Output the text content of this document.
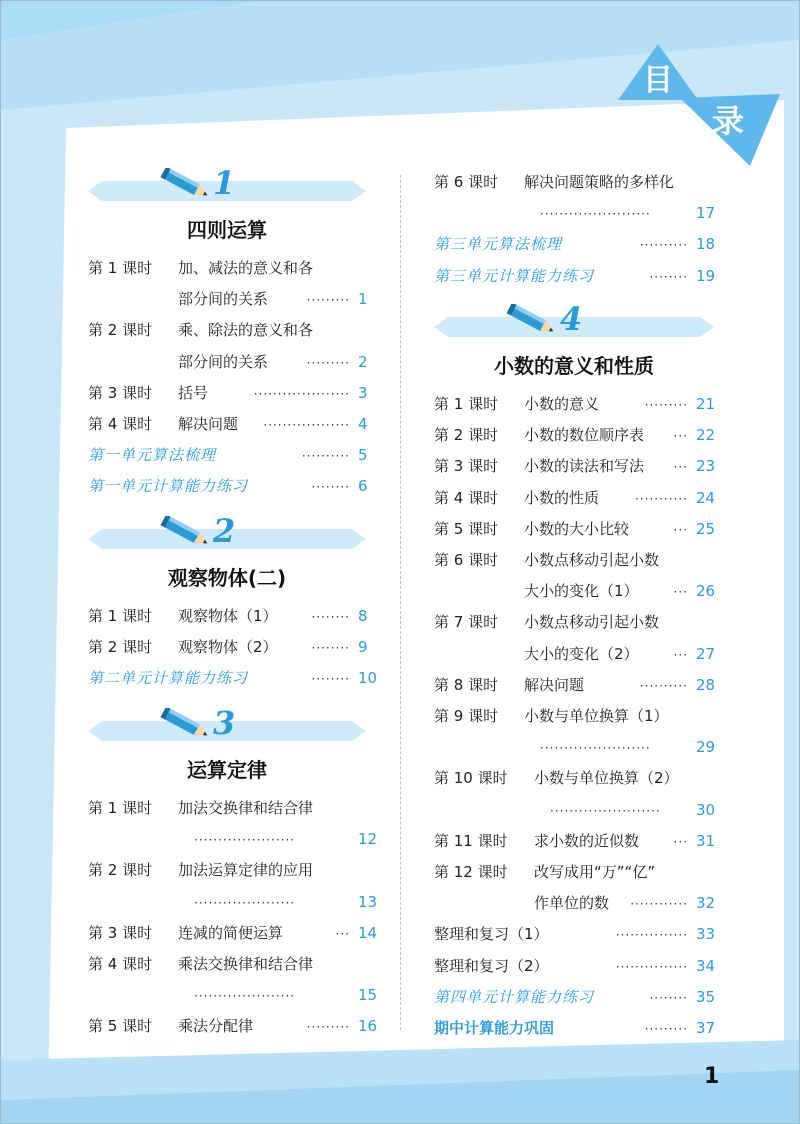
目
录
1
四则运算
第 1 课时 加、减法的意义和各
部分间的关系	········· 1
第 2 课时 乘、除法的意义和各
部分间的关系	········· 2
第 3 课时 括号	···················· 3
第 4 课时 解决问题 ·················· 4
第一单元算法梳理	·········· 5
第一单元计算能力练习	········ 6
2
观察物体(二)
第 1 课时 观察物体（1）	········ 8
第 2 课时 观察物体（2）	········ 9
第二单元计算能力练习	········ 10
3
运算定律
第 1 课时 加法交换律和结合律
·····················	12
第 2 课时 加法运算定律的应用
·····················	13
第 3 课时 连减的简便运算	··· 14
第 4 课时 乘法交换律和结合律
·····················	15
第 5 课时 乘法分配律	········· 16
第 6 课时 解决问题策略的多样化
·······················	17
第三单元算法梳理	·········· 18
第三单元计算能力练习	········ 19
4
小数的意义和性质
第 1 课时 小数的意义	········· 21
第 2 课时 小数的数位顺序表 ··· 22
第 3 课时 小数的读法和写法 ··· 23
第 4 课时 小数的性质	··········· 24
第 5 课时 小数的大小比较	··· 25
第 6 课时 小数点移动引起小数
大小的变化（1）	··· 26
第 7 课时 小数点移动引起小数
大小的变化（2）	··· 27
第 8 课时 解决问题	·········· 28
第 9 课时 小数与单位换算（1）
·······················	29
第 10 课时 小数与单位换算（2）
······················· 30
第 11 课时 求小数的近似数	··· 31
第 12 课时 改写成用“万”“亿”
作单位的数 ············ 32
整理和复习（1）	··············· 33
整理和复习（2）	··············· 34
第四单元计算能力练习	········ 35
期中计算能力巩固	········· 37
1
